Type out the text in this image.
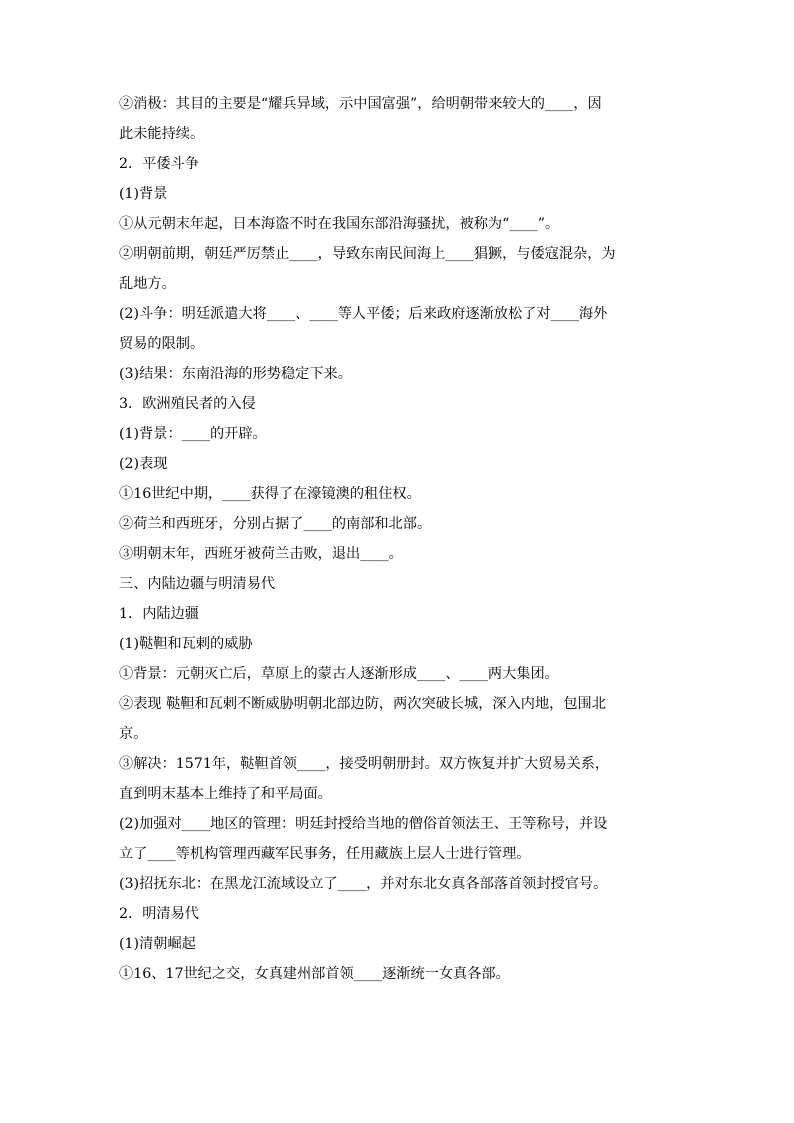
②消极：其目的主要是“耀兵异域，示中国富强”，给明朝带来较大的____，因
此未能持续。
2．平倭斗争
(1)背景
①从元朝末年起，日本海盗不时在我国东部沿海骚扰，被称为“____”。
②明朝前期，朝廷严厉禁止____，导致东南民间海上____猖獗，与倭寇混杂，为
乱地方。
(2)斗争：明廷派遣大将____、____等人平倭；后来政府逐渐放松了对____海外
贸易的限制。
(3)结果：东南沿海的形势稳定下来。
3．欧洲殖民者的入侵
(1)背景：____的开辟。
(2)表现
①16世纪中期，____获得了在濠镜澳的租住权。
②荷兰和西班牙，分别占据了____的南部和北部。
③明朝末年，西班牙被荷兰击败，退出____。
三、内陆边疆与明清易代
1．内陆边疆
(1)鞑靼和瓦剌的威胁
①背景：元朝灭亡后，草原上的蒙古人逐渐形成____、____两大集团。
②表现 鞑靼和瓦剌不断威胁明朝北部边防，两次突破长城，深入内地，包围北
京。
③解决：1571年，鞑靼首领____，接受明朝册封。双方恢复并扩大贸易关系，
直到明末基本上维持了和平局面。
(2)加强对____地区的管理：明廷封授给当地的僧俗首领法王、王等称号，并设
立了____等机构管理西藏军民事务，任用藏族上层人士进行管理。
(3)招抚东北：在黑龙江流域设立了____，并对东北女真各部落首领封授官号。
2．明清易代
(1)清朝崛起
①16、17世纪之交，女真建州部首领____逐渐统一女真各部。
